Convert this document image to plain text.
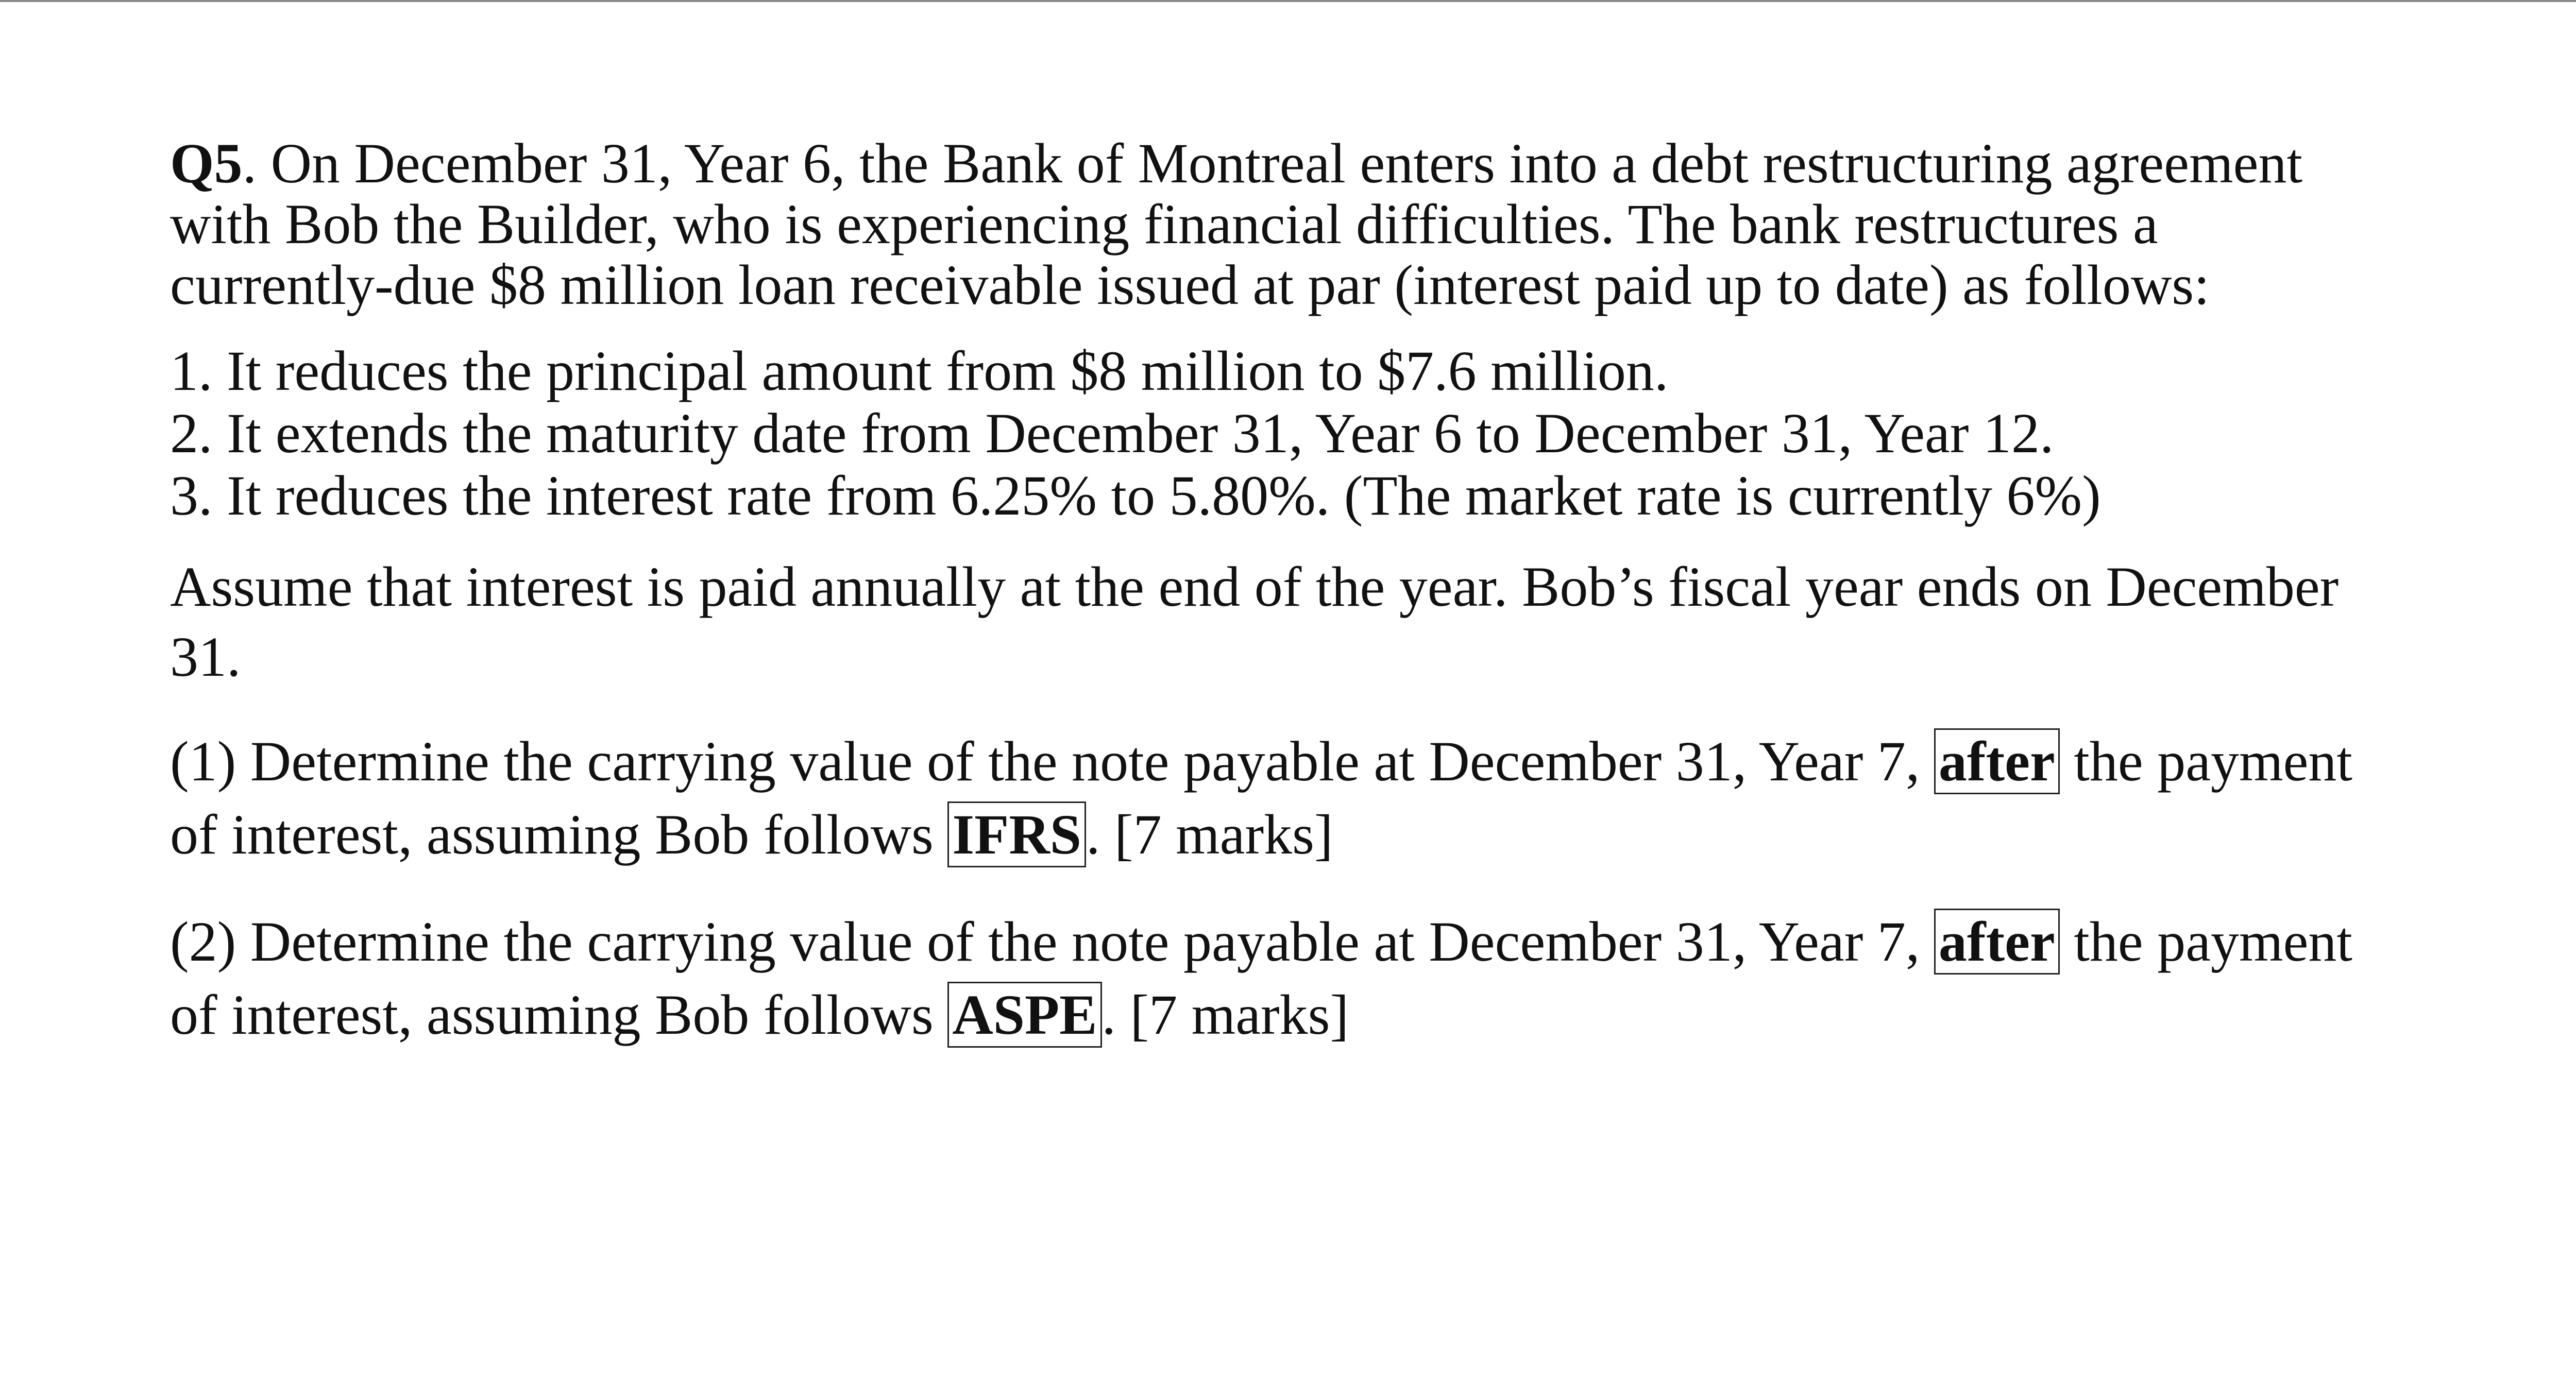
Q5. On December 31, Year 6, the Bank of Montreal enters into a debt restructuring agreement
with Bob the Builder, who is experiencing financial difficulties. The bank restructures a
currently-due $8 million loan receivable issued at par (interest paid up to date) as follows:
1. It reduces the principal amount from $8 million to $7.6 million.
2. It extends the maturity date from December 31, Year 6 to December 31, Year 12.
3. It reduces the interest rate from 6.25% to 5.80%. (The market rate is currently 6%)
Assume that interest is paid annually at the end of the year. Bob’s fiscal year ends on December
31.
(1) Determine the carrying value of the note payable at December 31, Year 7, after the payment
of interest, assuming Bob follows IFRS. [7 marks]
(2) Determine the carrying value of the note payable at December 31, Year 7, after the payment
of interest, assuming Bob follows ASPE. [7 marks]
